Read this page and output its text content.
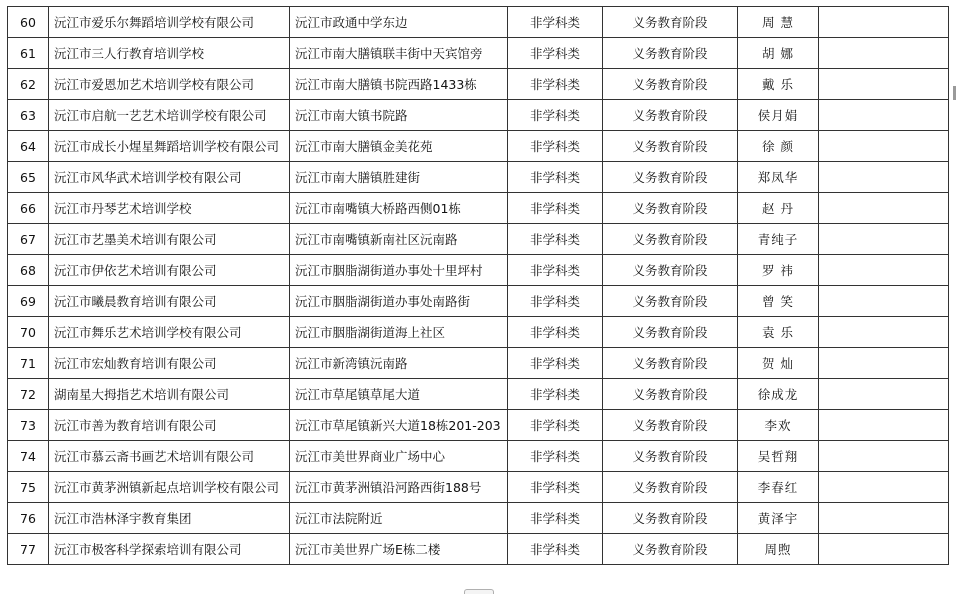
60	沅江市爱乐尔舞蹈培训学校有限公司	沅江市政通中学东边	非学科类	义务教育阶段	周 慧	
61	沅江市三人行教育培训学校	沅江市南大膳镇联丰街中天宾馆旁	非学科类	义务教育阶段	胡 娜	
62	沅江市爱恩加艺术培训学校有限公司	沅江市南大膳镇书院西路1433栋	非学科类	义务教育阶段	戴 乐	
63	沅江市启航一艺艺术培训学校有限公司	沅江市南大镇书院路	非学科类	义务教育阶段	侯月娟	
64	沅江市成长小煋星舞蹈培训学校有限公司	沅江市南大膳镇金美花苑	非学科类	义务教育阶段	徐 颜	
65	沅江市风华武术培训学校有限公司	沅江市南大膳镇胜建街	非学科类	义务教育阶段	郑凤华	
66	沅江市丹琴艺术培训学校	沅江市南嘴镇大桥路西侧01栋	非学科类	义务教育阶段	赵 丹	
67	沅江市艺墨美术培训有限公司	沅江市南嘴镇新南社区沅南路	非学科类	义务教育阶段	青纯子	
68	沅江市伊依艺术培训有限公司	沅江市胭脂湖街道办事处十里坪村	非学科类	义务教育阶段	罗 祎	
69	沅江市曦晨教育培训有限公司	沅江市胭脂湖街道办事处南路街	非学科类	义务教育阶段	曾 笑	
70	沅江市舞乐艺术培训学校有限公司	沅江市胭脂湖街道海上社区	非学科类	义务教育阶段	袁 乐	
71	沅江市宏灿教育培训有限公司	沅江市新湾镇沅南路	非学科类	义务教育阶段	贺 灿	
72	湖南星大拇指艺术培训有限公司	沅江市草尾镇草尾大道	非学科类	义务教育阶段	徐成龙	
73	沅江市善为教育培训有限公司	沅江市草尾镇新兴大道18栋201-203	非学科类	义务教育阶段	李欢	
74	沅江市慕云斋书画艺术培训有限公司	沅江市美世界商业广场中心	非学科类	义务教育阶段	吴哲翔	
75	沅江市黄茅洲镇新起点培训学校有限公司	沅江市黄茅洲镇沿河路西街188号	非学科类	义务教育阶段	李春红	
76	沅江市浩林泽宇教育集团	沅江市法院附近	非学科类	义务教育阶段	黄泽宇	
77	沅江市极客科学探索培训有限公司	沅江市美世界广场E栋二楼	非学科类	义务教育阶段	周煦	
